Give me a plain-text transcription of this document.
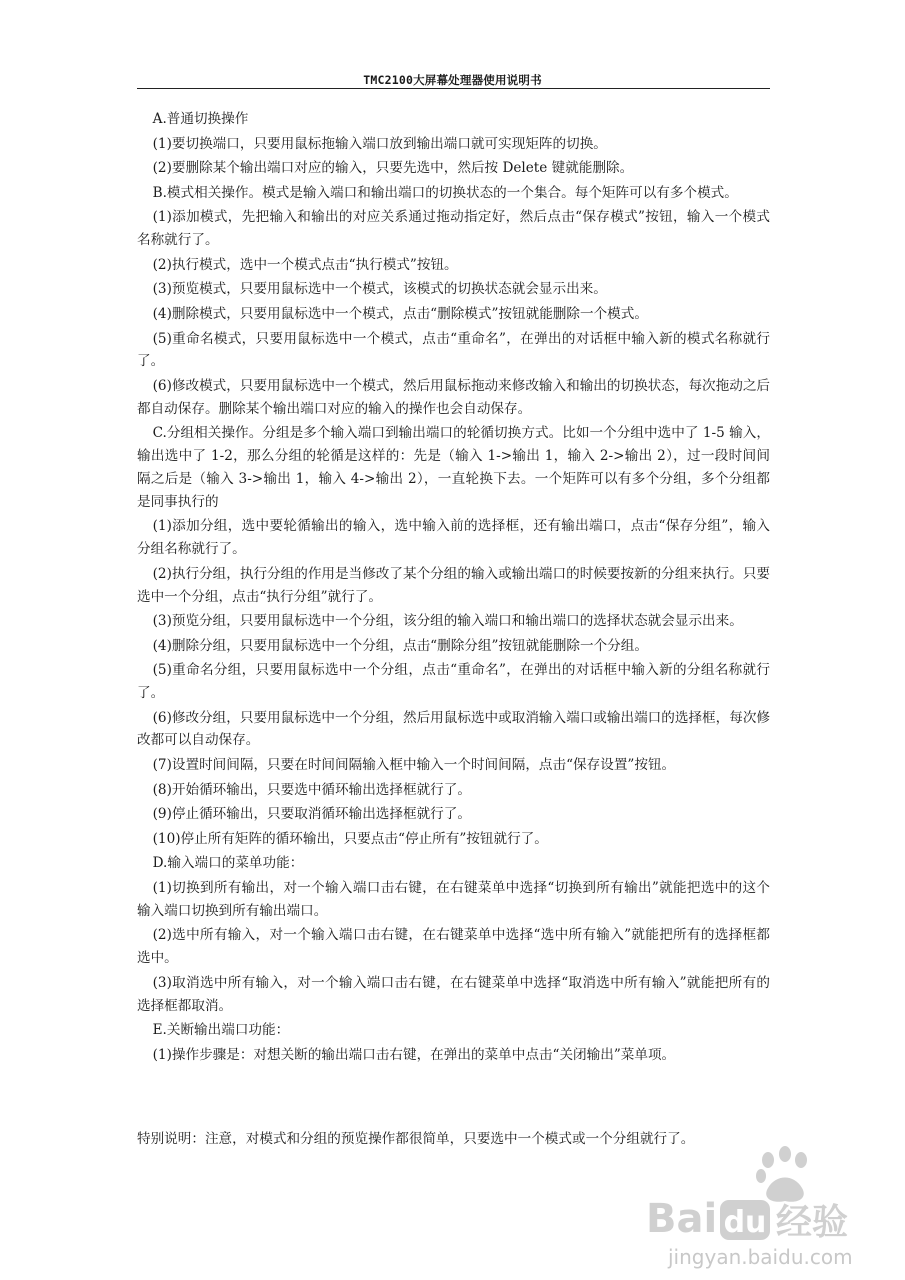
TMC2100大屏幕处理器使用说明书

A.普通切换操作

(1)要切换端口，只要用鼠标拖输入端口放到输出端口就可实现矩阵的切换。

(2)要删除某个输出端口对应的输入，只要先选中，然后按 Delete 键就能删除。

B.模式相关操作。模式是输入端口和输出端口的切换状态的一个集合。每个矩阵可以有多个模式。

(1)添加模式，先把输入和输出的对应关系通过拖动指定好，然后点击“保存模式”按钮，输入一个模式名称就行了。

(2)执行模式，选中一个模式点击“执行模式”按钮。

(3)预览模式，只要用鼠标选中一个模式，该模式的切换状态就会显示出来。

(4)删除模式，只要用鼠标选中一个模式，点击“删除模式”按钮就能删除一个模式。

(5)重命名模式，只要用鼠标选中一个模式，点击“重命名”，在弹出的对话框中输入新的模式名称就行了。

(6)修改模式，只要用鼠标选中一个模式，然后用鼠标拖动来修改输入和输出的切换状态，每次拖动之后都自动保存。删除某个输出端口对应的输入的操作也会自动保存。

C.分组相关操作。分组是多个输入端口到输出端口的轮循切换方式。比如一个分组中选中了 1-5 输入，输出选中了 1-2，那么分组的轮循是这样的：先是（输入 1->输出 1，输入 2->输出 2），过一段时间间隔之后是（输入 3->输出 1，输入 4->输出 2），一直轮换下去。一个矩阵可以有多个分组，多个分组都是同事执行的

(1)添加分组，选中要轮循输出的输入，选中输入前的选择框，还有输出端口，点击“保存分组”，输入分组名称就行了。

(2)执行分组，执行分组的作用是当修改了某个分组的输入或输出端口的时候要按新的分组来执行。只要选中一个分组，点击“执行分组”就行了。

(3)预览分组，只要用鼠标选中一个分组，该分组的输入端口和输出端口的选择状态就会显示出来。

(4)删除分组，只要用鼠标选中一个分组，点击“删除分组”按钮就能删除一个分组。

(5)重命名分组，只要用鼠标选中一个分组，点击“重命名”，在弹出的对话框中输入新的分组名称就行了。

(6)修改分组，只要用鼠标选中一个分组，然后用鼠标选中或取消输入端口或输出端口的选择框，每次修改都可以自动保存。

(7)设置时间间隔，只要在时间间隔输入框中输入一个时间间隔，点击“保存设置”按钮。

(8)开始循环输出，只要选中循环输出选择框就行了。

(9)停止循环输出，只要取消循环输出选择框就行了。

(10)停止所有矩阵的循环输出，只要点击“停止所有”按钮就行了。

D.输入端口的菜单功能：

(1)切换到所有输出，对一个输入端口击右键，在右键菜单中选择“切换到所有输出”就能把选中的这个输入端口切换到所有输出端口。

(2)选中所有输入，对一个输入端口击右键，在右键菜单中选择“选中所有输入”就能把所有的选择框都选中。

(3)取消选中所有输入，对一个输入端口击右键，在右键菜单中选择“取消选中所有输入”就能把所有的选择框都取消。

E.关断输出端口功能：

(1)操作步骤是：对想关断的输出端口击右键，在弹出的菜单中点击“关闭输出”菜单项。

特别说明：注意，对模式和分组的预览操作都很简单，只要选中一个模式或一个分组就行了。

Bai du 经验
jingyan.baidu.com
